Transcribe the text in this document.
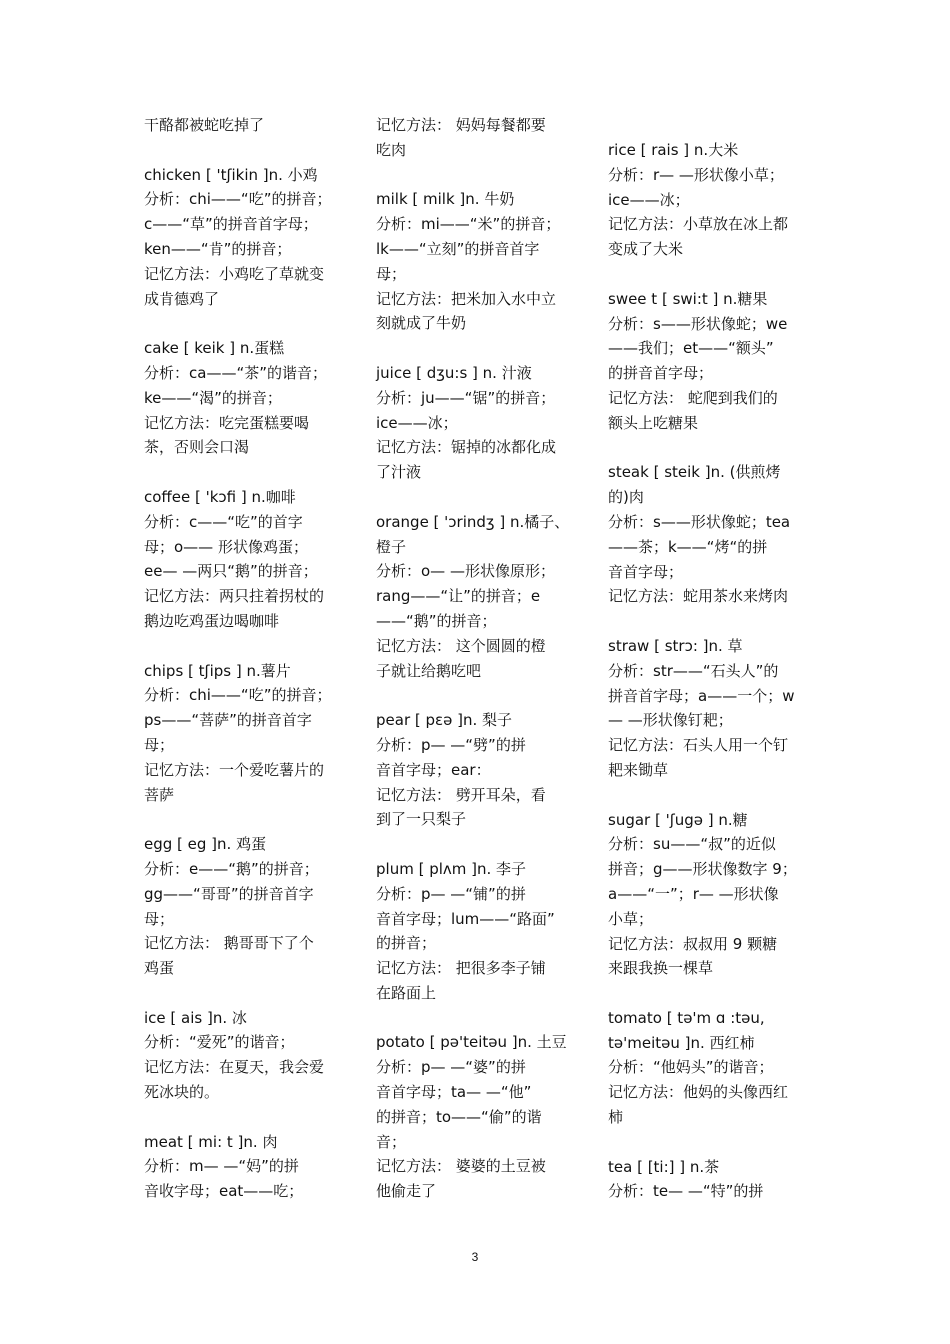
干酪都被蛇吃掉了
chicken [ 'tʃikin ]n. 小鸡
分析：chi——“吃”的拼音；
c——“草”的拼音首字母；
ken——“肯”的拼音；
记忆方法：小鸡吃了草就变
成肯德鸡了
cake [ keik ] n.蛋糕
分析：ca——“茶”的谐音；
ke——“渴”的拼音；
记忆方法：吃完蛋糕要喝
茶，否则会口渴
coffee [ 'kɔfi ] n.咖啡
分析：c——“吃”的首字
母；o—— 形状像鸡蛋；
ee— —两只“鹅”的拼音；
记忆方法：两只拄着拐杖的
鹅边吃鸡蛋边喝咖啡
chips [ tʃips ] n.薯片
分析：chi——“吃”的拼音；
ps——“菩萨”的拼音首字
母；
记忆方法：一个爱吃薯片的
菩萨
egg [ eg ]n. 鸡蛋
分析：e——“鹅”的拼音；
gg——“哥哥”的拼音首字
母；
记忆方法： 鹅哥哥下了个
鸡蛋
ice [ ais ]n. 冰
分析：“爱死”的谐音；
记忆方法：在夏天，我会爱
死冰块的。
meat [ mi: t ]n. 肉
分析：m— —“妈”的拼
音收字母；eat——吃；
记忆方法： 妈妈每餐都要
吃肉
milk [ milk ]n. 牛奶
分析：mi——“米”的拼音；
lk——“立刻”的拼音首字
母；
记忆方法：把米加入水中立
刻就成了牛奶
juice [ dʒu:s ] n. 汁液
分析：ju——“锯”的拼音；
ice——冰；
记忆方法：锯掉的冰都化成
了汁液
orange [ 'ɔrindʒ ] n.橘子、
橙子
分析：o— —形状像原形；
rang——“让”的拼音；e
——“鹅”的拼音；
记忆方法： 这个圆圆的橙
子就让给鹅吃吧
pear [ pɛə ]n. 梨子
分析：p— —“劈”的拼
音首字母；ear：
记忆方法： 劈开耳朵，看
到了一只梨子
plum [ plʌm ]n. 李子
分析：p— —“铺”的拼
音首字母；lum——“路面”
的拼音；
记忆方法： 把很多李子铺
在路面上
potato [ pə'teitəu ]n. 土豆
分析：p— —“婆”的拼
音首字母；ta— —“他”
的拼音；to——“偷”的谐
音；
记忆方法： 婆婆的土豆被
他偷走了
rice [ rais ] n.大米
分析：r— —形状像小草；
ice——冰；
记忆方法：小草放在冰上都
变成了大米
swee t [ swi:t ] n.糖果
分析：s——形状像蛇；we
——我们；et——“额头”
的拼音首字母；
记忆方法： 蛇爬到我们的
额头上吃糖果
steak [ steik ]n. (供煎烤
的)肉
分析：s——形状像蛇；tea
——茶；k——“烤“的拼
音首字母；
记忆方法：蛇用茶水来烤肉
straw [ strɔ: ]n. 草
分析：str——“石头人”的
拼音首字母；a——一个；w
— —形状像钉耙；
记忆方法：石头人用一个钉
耙来锄草
sugar [ 'ʃugə ] n.糖
分析：su——“叔”的近似
拼音；g——形状像数字 9；
a——“一”；r— —形状像
小草；
记忆方法：叔叔用 9 颗糖
来跟我换一棵草
tomato [ tə'm ɑ :təu,
tə'meitəu ]n. 西红柿
分析：“他妈头”的谐音；
记忆方法：他妈的头像西红
柿
tea [ [ti:] ] n.茶
分析：te— —“特”的拼
3
